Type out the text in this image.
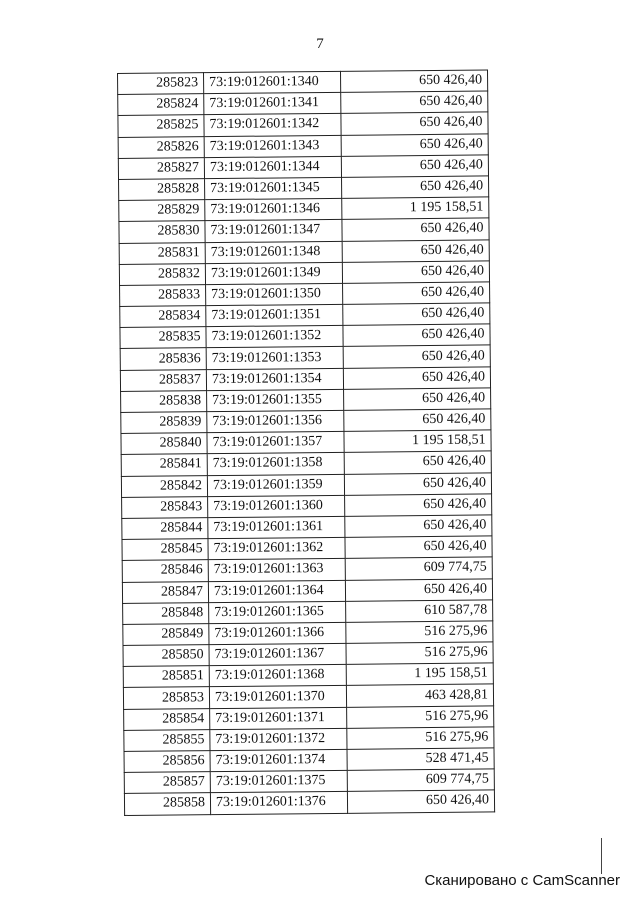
7
285823	73:19:012601:1340	650 426,40
285824	73:19:012601:1341	650 426,40
285825	73:19:012601:1342	650 426,40
285826	73:19:012601:1343	650 426,40
285827	73:19:012601:1344	650 426,40
285828	73:19:012601:1345	650 426,40
285829	73:19:012601:1346	1 195 158,51
285830	73:19:012601:1347	650 426,40
285831	73:19:012601:1348	650 426,40
285832	73:19:012601:1349	650 426,40
285833	73:19:012601:1350	650 426,40
285834	73:19:012601:1351	650 426,40
285835	73:19:012601:1352	650 426,40
285836	73:19:012601:1353	650 426,40
285837	73:19:012601:1354	650 426,40
285838	73:19:012601:1355	650 426,40
285839	73:19:012601:1356	650 426,40
285840	73:19:012601:1357	1 195 158,51
285841	73:19:012601:1358	650 426,40
285842	73:19:012601:1359	650 426,40
285843	73:19:012601:1360	650 426,40
285844	73:19:012601:1361	650 426,40
285845	73:19:012601:1362	650 426,40
285846	73:19:012601:1363	609 774,75
285847	73:19:012601:1364	650 426,40
285848	73:19:012601:1365	610 587,78
285849	73:19:012601:1366	516 275,96
285850	73:19:012601:1367	516 275,96
285851	73:19:012601:1368	1 195 158,51
285853	73:19:012601:1370	463 428,81
285854	73:19:012601:1371	516 275,96
285855	73:19:012601:1372	516 275,96
285856	73:19:012601:1374	528 471,45
285857	73:19:012601:1375	609 774,75
285858	73:19:012601:1376	650 426,40
Сканировано с CamScanner
